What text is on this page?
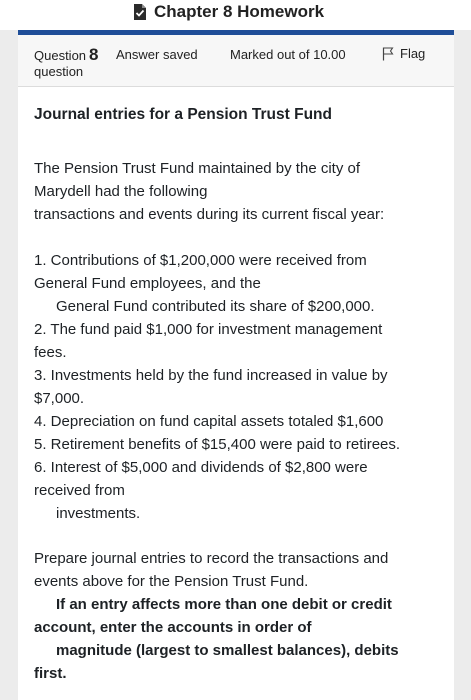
Chapter 8 Homework
Question 8
question
Answer saved Marked out of 10.00	Flag
Journal entries for a Pension Trust Fund

The Pension Trust Fund maintained by the city of

Marydell had the following

transactions and events during its current fiscal year:

1. Contributions of $1,200,000 were received from

General Fund employees, and the

General Fund contributed its share of $200,000.

2. The fund paid $1,000 for investment management

fees.

3. Investments held by the fund increased in value by

$7,000.

4. Depreciation on fund capital assets totaled $1,600

5. Retirement benefits of $15,400 were paid to retirees.

6. Interest of $5,000 and dividends of $2,800 were

received from

investments.

Prepare journal entries to record the transactions and

events above for the Pension Trust Fund.

If an entry affects more than one debit or credit

account, enter the accounts in order of

magnitude (largest to smallest balances), debits

first.
